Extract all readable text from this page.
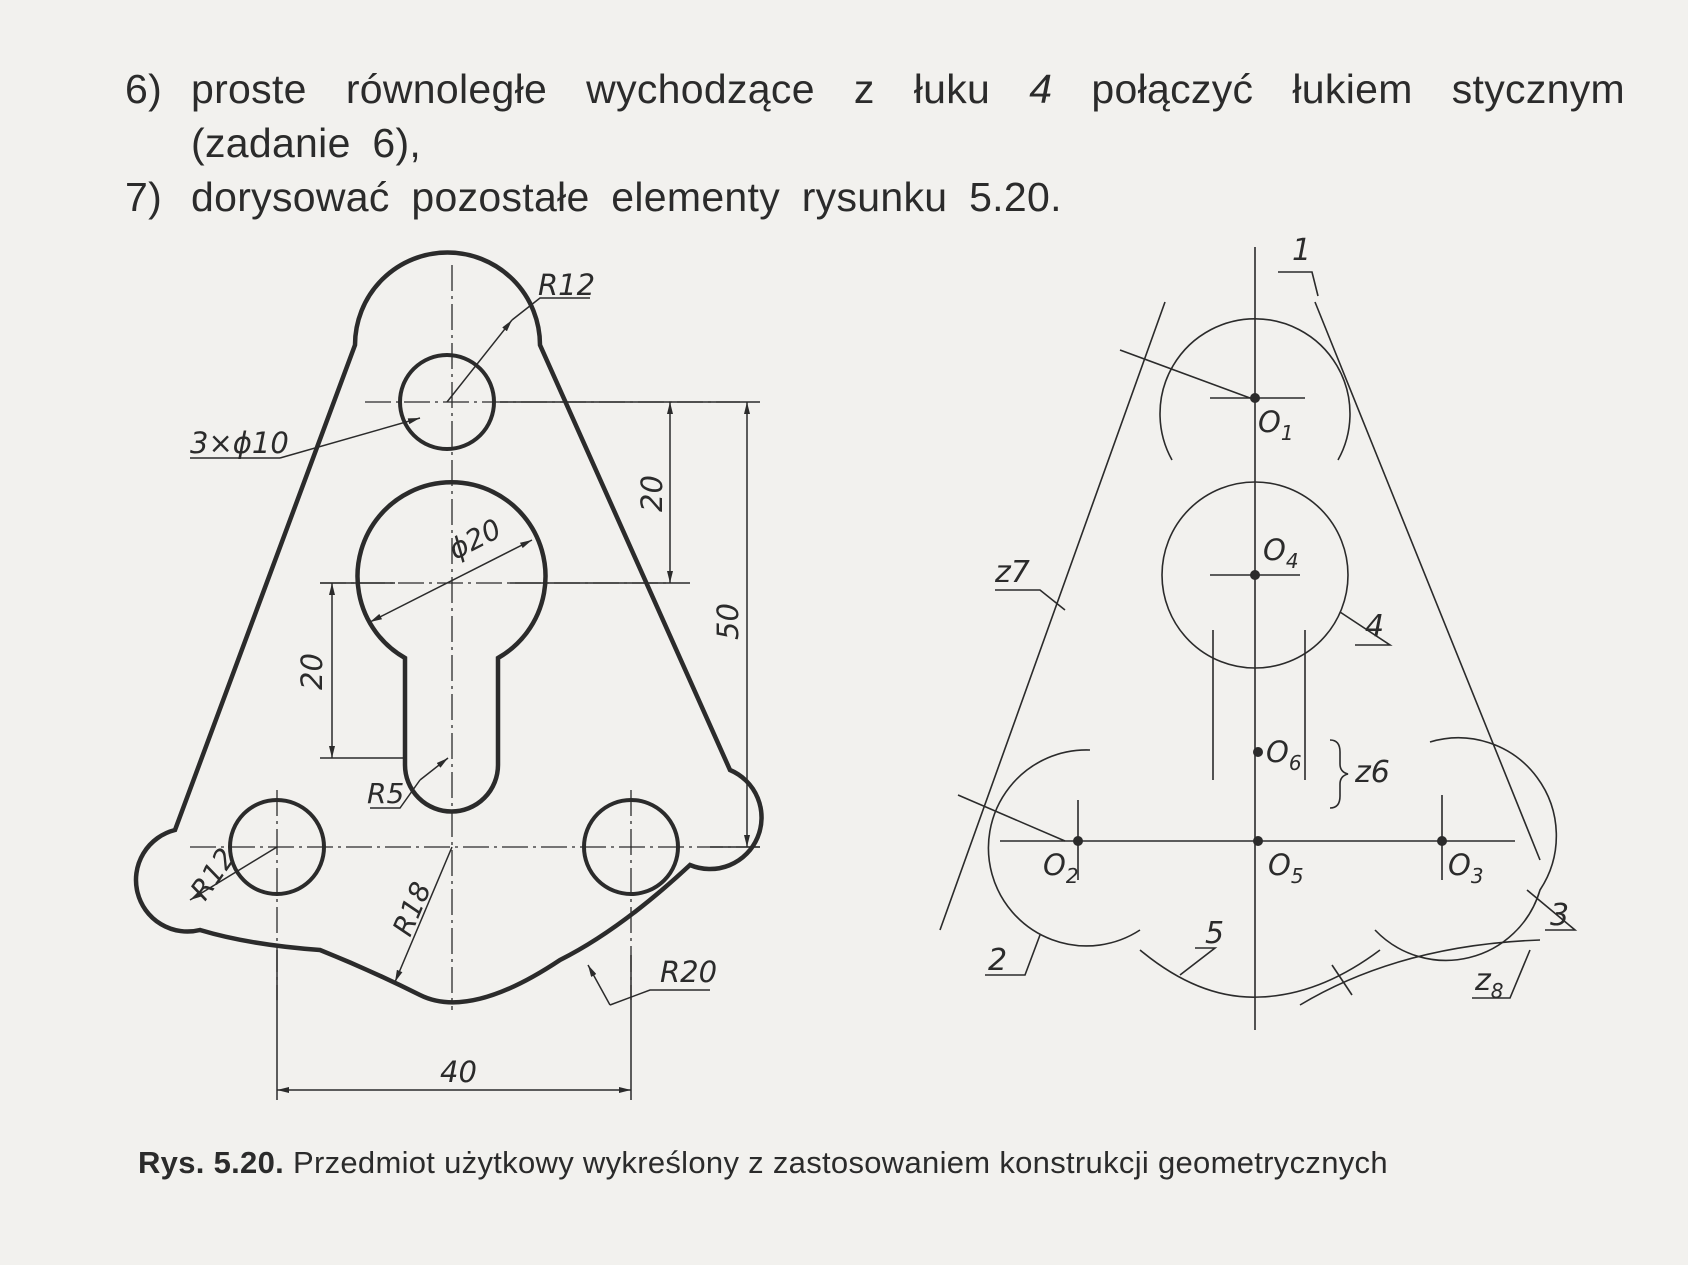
6) proste równoległe wychodzące z łuku 4 połączyć łukiem stycznym
(zadanie 6),
7) dorysować pozostałe elementy rysunku 5.20.
R12
3×ϕ10
ϕ20
20
50
20
R5
R12
R18
R20
40
1
$O_1$
z7
$O_4$
4
$O_6$ z6
$O_2$	$O_5$	$O_3$
2
5
3
$z_8$
Rys. 5.20. Przedmiot użytkowy wykreślony z zastosowaniem konstrukcji geometrycznych
